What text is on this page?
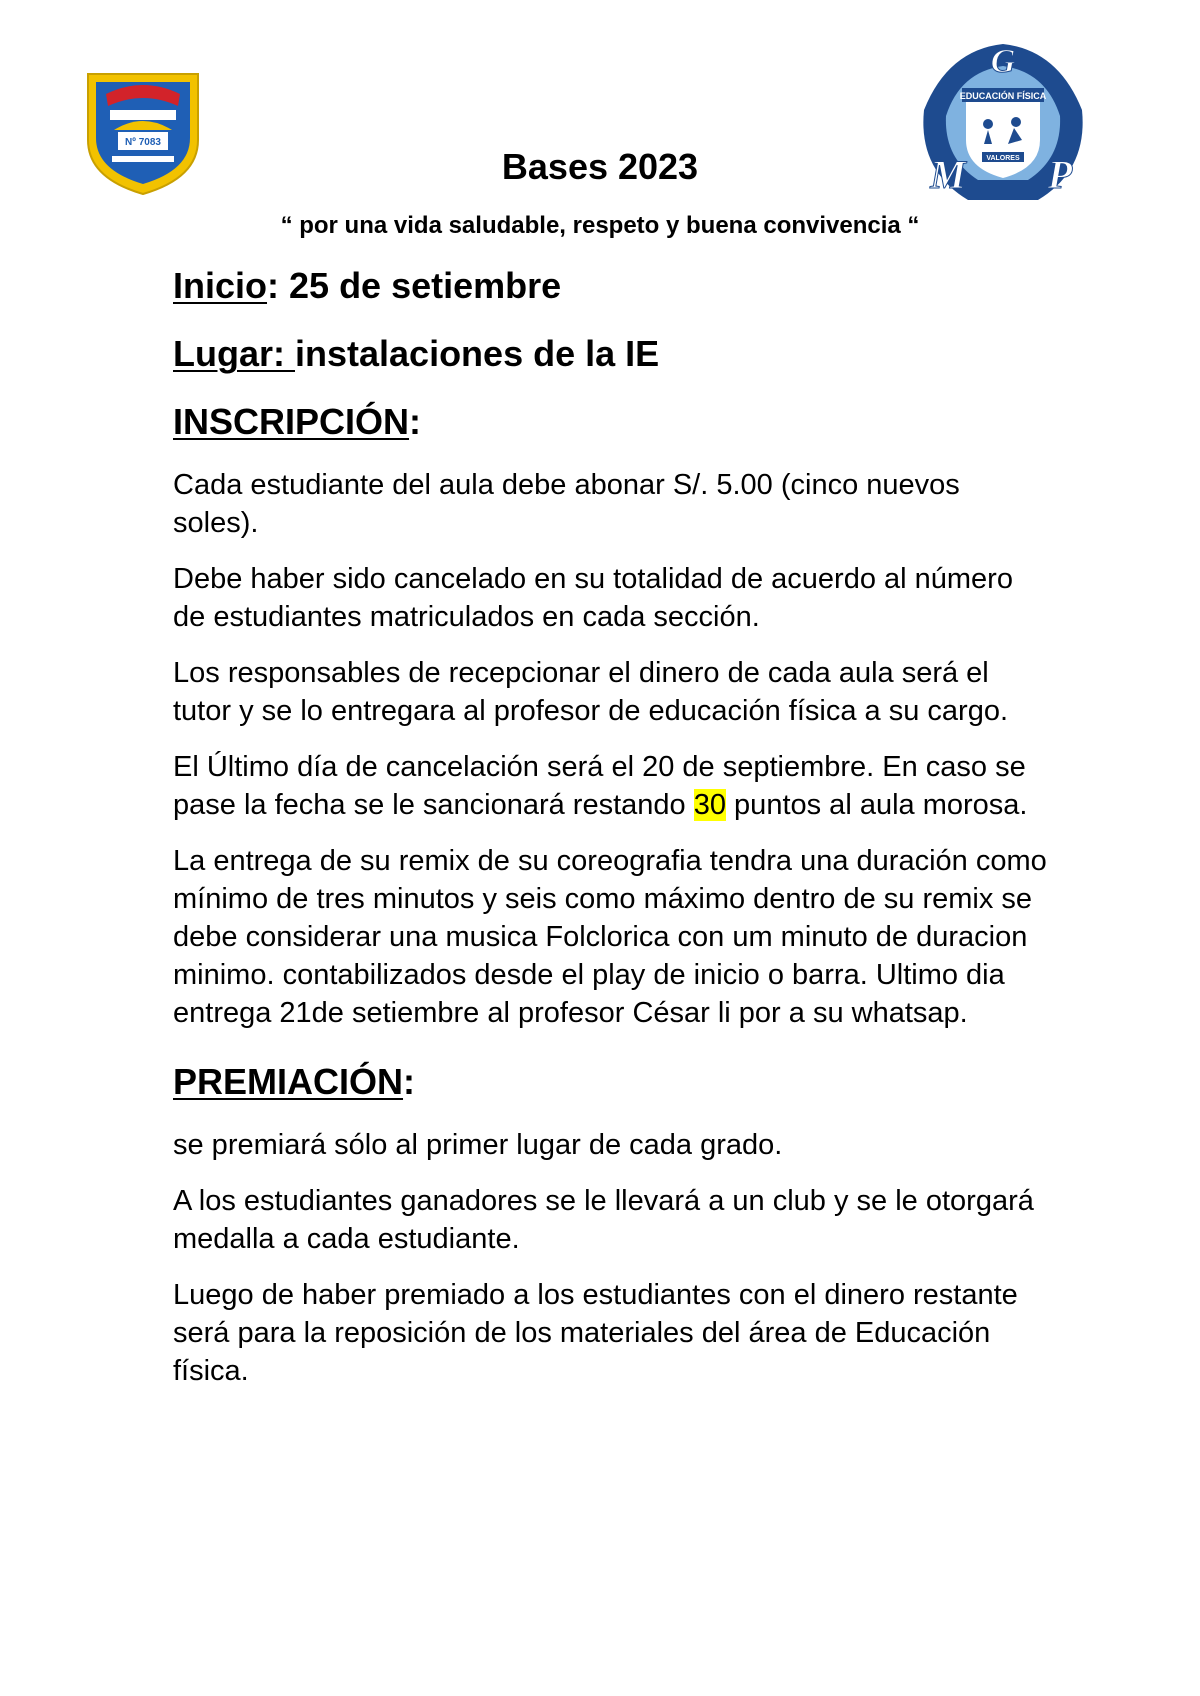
Nº 7083
EDUCACIÓN FÍSICA
VALORES
G
M P
Bases 2023

“ por una vida saludable, respeto y buena convivencia “

Inicio: 25 de setiembre

Lugar: instalaciones de la IE

INSCRIPCIÓN:

Cada estudiante del aula debe abonar S/. 5.00 (cinco nuevos soles).

Debe haber sido cancelado en su totalidad de acuerdo al número de estudiantes matriculados en cada sección.

Los responsables de recepcionar el dinero de cada aula será el tutor y se lo entregara al profesor de educación física a su cargo.

El Último día de cancelación será el 20 de septiembre. En caso se pase la fecha se le sancionará restando 30 puntos al aula morosa.

La entrega de su remix de su coreografia tendra una duración como mínimo de tres minutos y seis como máximo dentro de su remix se debe considerar una musica Folclorica con um minuto de duracion minimo. contabilizados desde el play de inicio o barra. Ultimo dia entrega 21de setiembre al profesor César li por a su whatsap.

PREMIACIÓN:

se premiará sólo al primer lugar de cada grado.

A los estudiantes ganadores se le llevará a un club y se le otorgará medalla a cada estudiante.

Luego de haber premiado a los estudiantes con el dinero restante será para la reposición de los materiales del área de Educación física.
